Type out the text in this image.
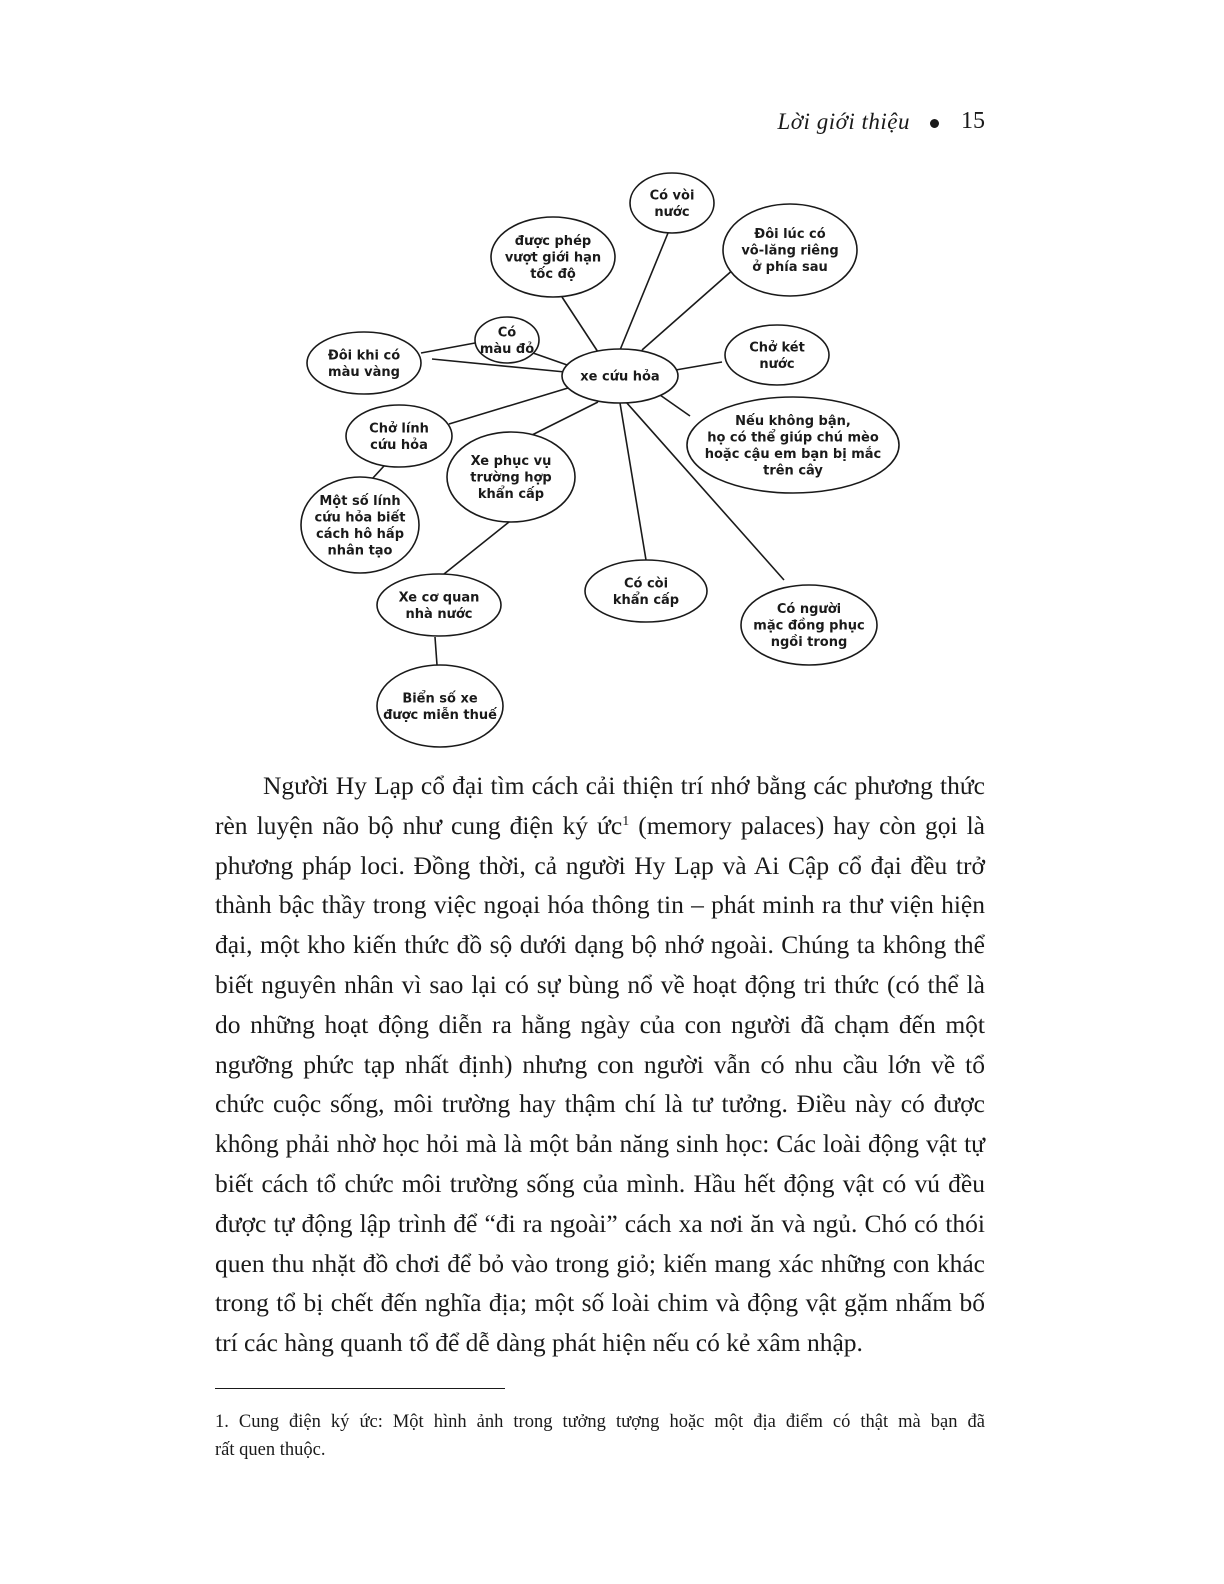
Lời giới thiệu 15
xe cứu hỏa
Có vòi nước
được phép vượt giới hạn tốc độ
Đôi lúc có vô-lăng riêng ở phía sau
Có màu đỏ
Đôi khi có màu vàng
Chở két nước
Chở lính cứu hỏa
Nếu không bận, họ có thể giúp chú mèo hoặc cậu em bạn bị mắc trên cây
Xe phục vụ trường hợp khẩn cấp
Một số lính cứu hỏa biết cách hô hấp nhân tạo
Xe cơ quan nhà nước
Có còi khẩn cấp
Có người mặc đồng phục ngồi trong
Biển số xe được miễn thuế
Người Hy Lạp cổ đại tìm cách cải thiện trí nhớ bằng các phương thức
rèn luyện não bộ như cung điện ký ức$^1$ (memory palaces) hay còn gọi là
phương pháp loci. Đồng thời, cả người Hy Lạp và Ai Cập cổ đại đều trở
thành bậc thầy trong việc ngoại hóa thông tin – phát minh ra thư viện hiện
đại, một kho kiến thức đồ sộ dưới dạng bộ nhớ ngoài. Chúng ta không thể
biết nguyên nhân vì sao lại có sự bùng nổ về hoạt động tri thức (có thể là
do những hoạt động diễn ra hằng ngày của con người đã chạm đến một
ngưỡng phức tạp nhất định) nhưng con người vẫn có nhu cầu lớn về tổ
chức cuộc sống, môi trường hay thậm chí là tư tưởng. Điều này có được
không phải nhờ học hỏi mà là một bản năng sinh học: Các loài động vật tự
biết cách tổ chức môi trường sống của mình. Hầu hết động vật có vú đều
được tự động lập trình để “đi ra ngoài” cách xa nơi ăn và ngủ. Chó có thói
quen thu nhặt đồ chơi để bỏ vào trong giỏ; kiến mang xác những con khác
trong tổ bị chết đến nghĩa địa; một số loài chim và động vật gặm nhấm bố
trí các hàng quanh tổ để dễ dàng phát hiện nếu có kẻ xâm nhập.
1. Cung điện ký ức: Một hình ảnh trong tưởng tượng hoặc một địa điểm có thật mà bạn đã
rất quen thuộc.
